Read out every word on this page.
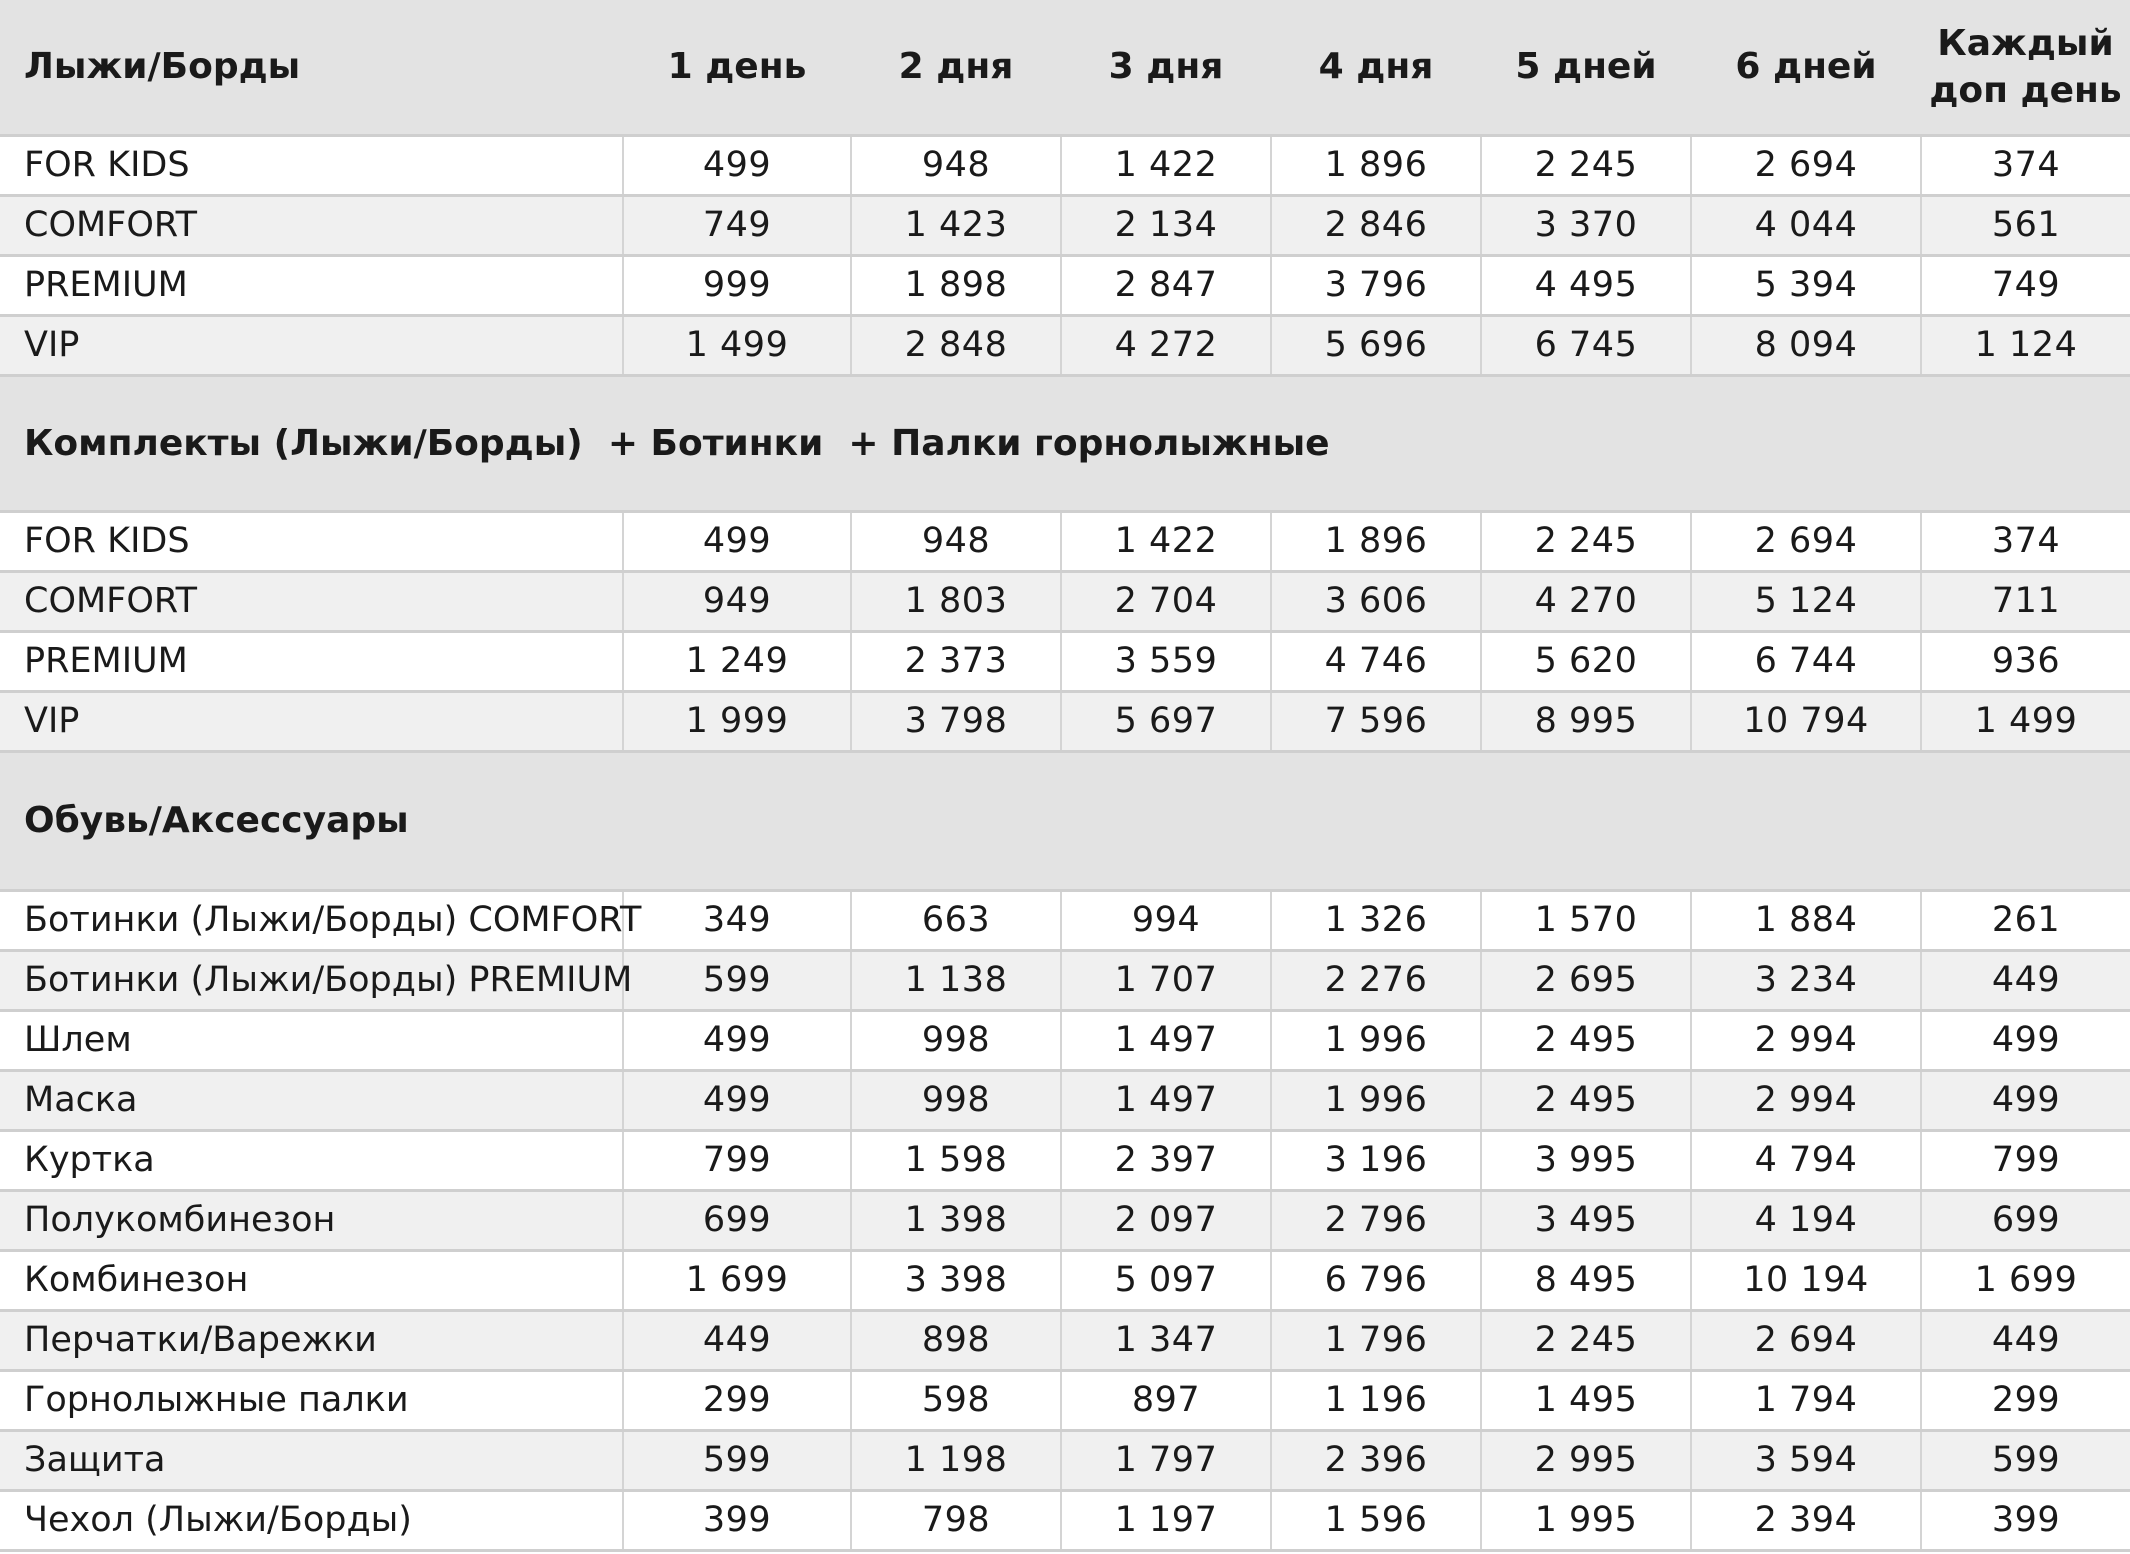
Лыжи/Борды	1 день	2 дня	3 дня	4 дня	5 дней	6 дней	Каждый
доп день

FOR KIDS	499	948	1 422	1 896	2 245	2 694	374
COMFORT	749	1 423	2 134	2 846	3 370	4 044	561
PREMIUM	999	1 898	2 847	3 796	4 495	5 394	749
VIP	1 499	2 848	4 272	5 696	6 745	8 094	1 124
Комплекты (Лыжи/Борды)  + Ботинки  + Палки горнолыжные							
FOR KIDS	499	948	1 422	1 896	2 245	2 694	374
COMFORT	949	1 803	2 704	3 606	4 270	5 124	711
PREMIUM	1 249	2 373	3 559	4 746	5 620	6 744	936
VIP	1 999	3 798	5 697	7 596	8 995	10 794	1 499
Обувь/Аксессуары							
Ботинки (Лыжи/Борды) COMFORT	349	663	994	1 326	1 570	1 884	261
Ботинки (Лыжи/Борды) PREMIUM	599	1 138	1 707	2 276	2 695	3 234	449
Шлем	499	998	1 497	1 996	2 495	2 994	499
Маска	499	998	1 497	1 996	2 495	2 994	499
Куртка	799	1 598	2 397	3 196	3 995	4 794	799
Полукомбинезон	699	1 398	2 097	2 796	3 495	4 194	699
Комбинезон	1 699	3 398	5 097	6 796	8 495	10 194	1 699
Перчатки/Варежки	449	898	1 347	1 796	2 245	2 694	449
Горнолыжные палки	299	598	897	1 196	1 495	1 794	299
Защита	599	1 198	1 797	2 396	2 995	3 594	599
Чехол (Лыжи/Борды)	399	798	1 197	1 596	1 995	2 394	399
